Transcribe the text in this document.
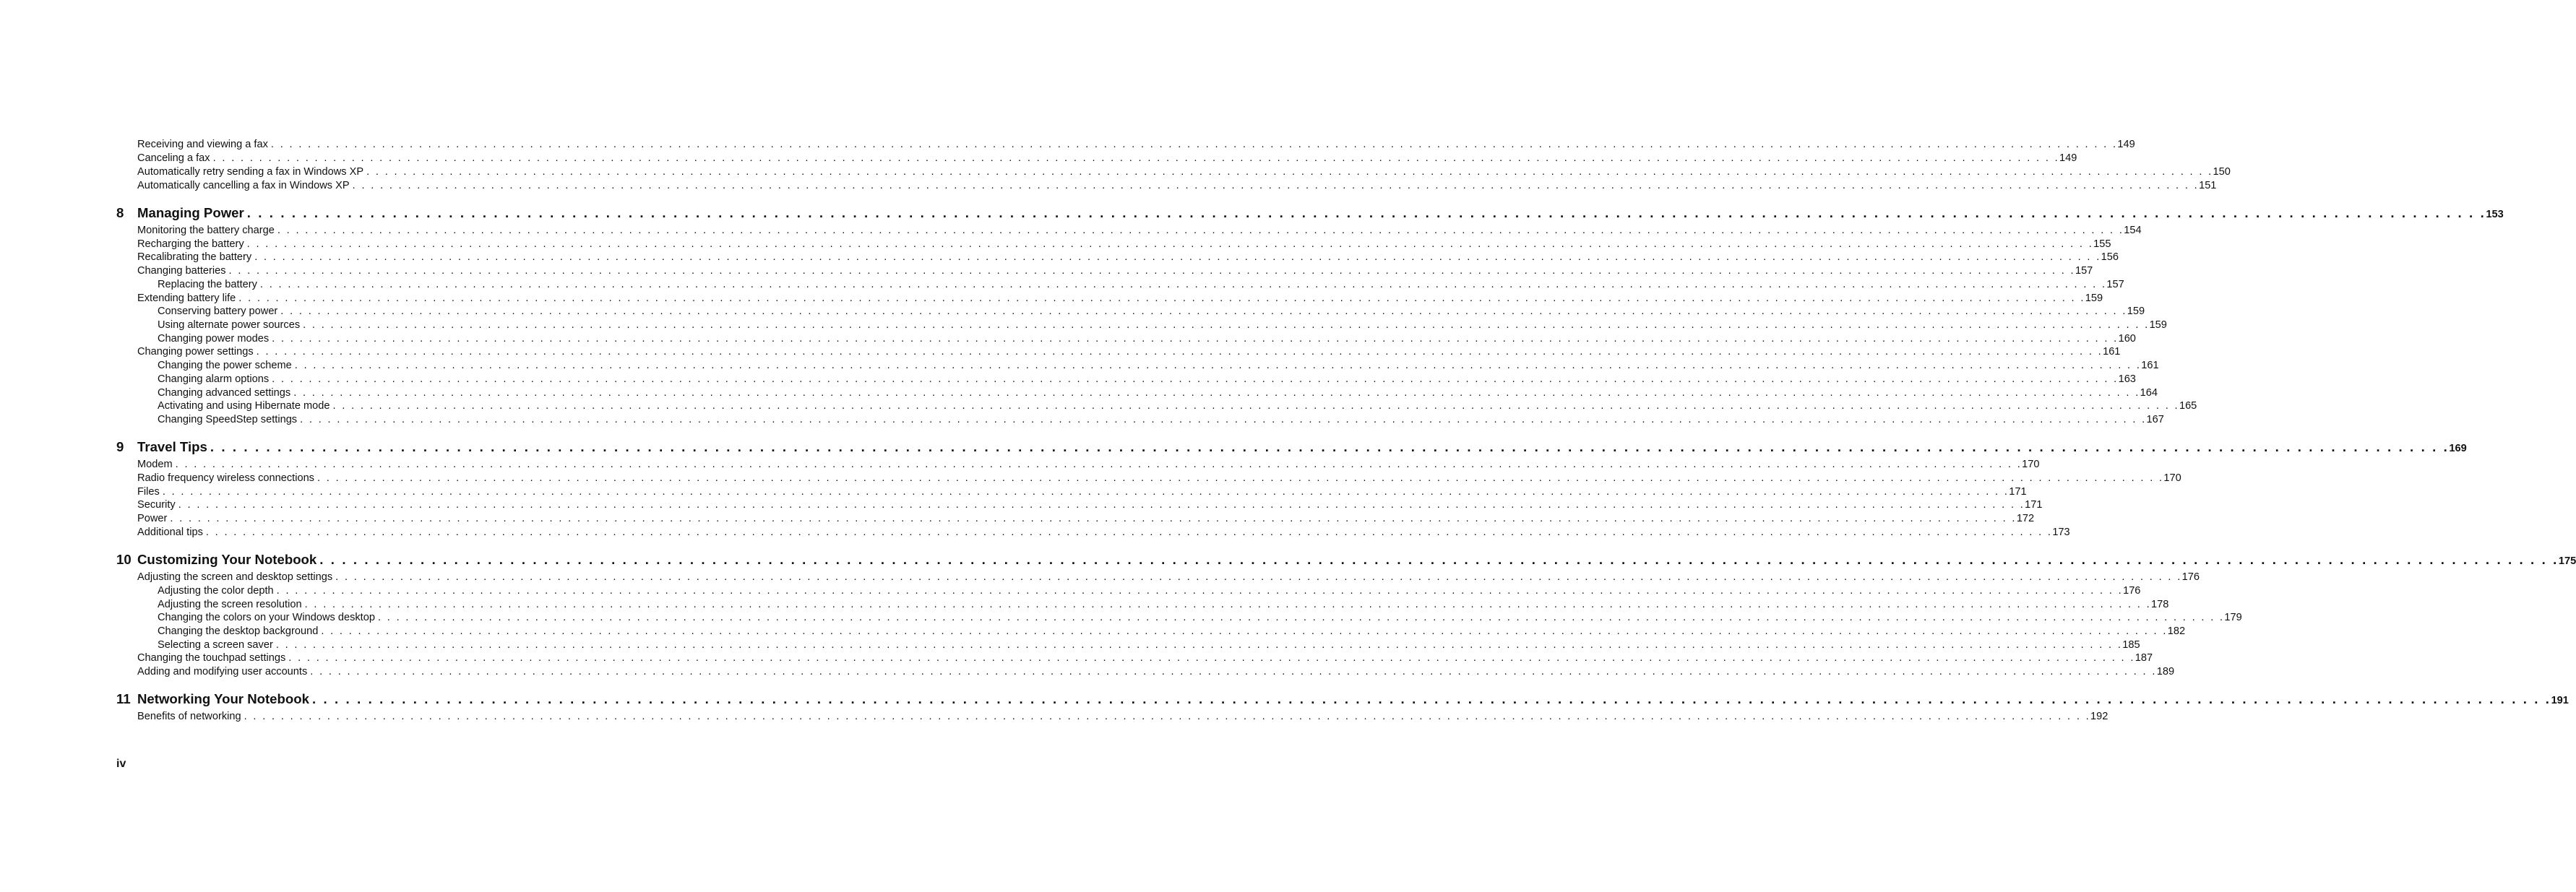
Receiving and viewing a fax . . . . . . . . . . . . . . . . . . . . . . . . . . . . . . . . . . . . . . . . . . . . . . . . . . . . . . . . . . . . . . . . . . . . . . . . . . . . . . . . . . . . . . . . . . . . . . . . . . . . . . . . . . . . . . . . . . . . . . . . . . . . . . . . . . . . . . . . . . . . . . . . . . . . . . . . . . . . . . . . . . . . . . . . . . . . . . . . . . . . . . . . . . . . . . . . . . . . . . . . 149
Canceling a fax . . . . . . . . . . . . . . . . . . . . . . . . . . . . . . . . . . . . . . . . . . . . . . . . . . . . . . . . . . . . . . . . . . . . . . . . . . . . . . . . . . . . . . . . . . . . . . . . . . . . . . . . . . . . . . . . . . . . . . . . . . . . . . . . . . . . . . . . . . . . . . . . . . . . . . . . . . . . . . . . . . . . . . . . . . . . . . . . . . . . . . . . . . . . . . . . . . . . . . . . 149
Automatically retry sending a fax in Windows XP . . . . . . . . . . . . . . . . . . . . . . . . . . . . . . . . . . . . . . . . . . . . . . . . . . . . . . . . . . . . . . . . . . . . . . . . . . . . . . . . . . . . . . . . . . . . . . . . . . . . . . . . . . . . . . . . . . . . . . . . . . . . . . . . . . . . . . . . . . . . . . . . . . . . . . . . . . . . . . . . . . . . . . . . . . . . . . . . . . . . . . . . . . . . . . . . . . . . . . . . 150
Automatically cancelling a fax in Windows XP . . . . . . . . . . . . . . . . . . . . . . . . . . . . . . . . . . . . . . . . . . . . . . . . . . . . . . . . . . . . . . . . . . . . . . . . . . . . . . . . . . . . . . . . . . . . . . . . . . . . . . . . . . . . . . . . . . . . . . . . . . . . . . . . . . . . . . . . . . . . . . . . . . . . . . . . . . . . . . . . . . . . . . . . . . . . . . . . . . . . . . . . . . . . . . . . . . . . . . . . 151
8 Managing Power . . . . . . . . . . . . . . . . . . . . . . . . . . . . . . . . . . . . . . . . . . . . . . . . . . . . . . . . . . . . . . . . . . . . . . . . . . . . . . . . . . . . . . . . . . . . . . . . . . . . . . . . . . . . . . . . . . . . . . . . . . . . . . . . . . . . . . . . . . . . . . . . . . . . . . . . . . . . . . . . . . . . . . . . . . . . . . . . . . . . . . . . . . . . . . . . . . . . . . . . 153
Monitoring the battery charge . . . . . . . . . . . . . . . . . . . . . . . . . . . . . . . . . . . . . . . . . . . . . . . . . . . . . . . . . . . . . . . . . . . . . . . . . . . . . . . . . . . . . . . . . . . . . . . . . . . . . . . . . . . . . . . . . . . . . . . . . . . . . . . . . . . . . . . . . . . . . . . . . . . . . . . . . . . . . . . . . . . . . . . . . . . . . . . . . . . . . . . . . . . . . . . . . . . . . . . . 154
Recharging the battery . . . . . . . . . . . . . . . . . . . . . . . . . . . . . . . . . . . . . . . . . . . . . . . . . . . . . . . . . . . . . . . . . . . . . . . . . . . . . . . . . . . . . . . . . . . . . . . . . . . . . . . . . . . . . . . . . . . . . . . . . . . . . . . . . . . . . . . . . . . . . . . . . . . . . . . . . . . . . . . . . . . . . . . . . . . . . . . . . . . . . . . . . . . . . . . . . . . . . . . . 155
Recalibrating the battery . . . . . . . . . . . . . . . . . . . . . . . . . . . . . . . . . . . . . . . . . . . . . . . . . . . . . . . . . . . . . . . . . . . . . . . . . . . . . . . . . . . . . . . . . . . . . . . . . . . . . . . . . . . . . . . . . . . . . . . . . . . . . . . . . . . . . . . . . . . . . . . . . . . . . . . . . . . . . . . . . . . . . . . . . . . . . . . . . . . . . . . . . . . . . . . . . . . . . . . . 156
Changing batteries . . . . . . . . . . . . . . . . . . . . . . . . . . . . . . . . . . . . . . . . . . . . . . . . . . . . . . . . . . . . . . . . . . . . . . . . . . . . . . . . . . . . . . . . . . . . . . . . . . . . . . . . . . . . . . . . . . . . . . . . . . . . . . . . . . . . . . . . . . . . . . . . . . . . . . . . . . . . . . . . . . . . . . . . . . . . . . . . . . . . . . . . . . . . . . . . . . . . . . . . 157
Replacing the battery . . . . . . . . . . . . . . . . . . . . . . . . . . . . . . . . . . . . . . . . . . . . . . . . . . . . . . . . . . . . . . . . . . . . . . . . . . . . . . . . . . . . . . . . . . . . . . . . . . . . . . . . . . . . . . . . . . . . . . . . . . . . . . . . . . . . . . . . . . . . . . . . . . . . . . . . . . . . . . . . . . . . . . . . . . . . . . . . . . . . . . . . . . . . . . . . . . . . . . . . 157
Extending battery life . . . . . . . . . . . . . . . . . . . . . . . . . . . . . . . . . . . . . . . . . . . . . . . . . . . . . . . . . . . . . . . . . . . . . . . . . . . . . . . . . . . . . . . . . . . . . . . . . . . . . . . . . . . . . . . . . . . . . . . . . . . . . . . . . . . . . . . . . . . . . . . . . . . . . . . . . . . . . . . . . . . . . . . . . . . . . . . . . . . . . . . . . . . . . . . . . . . . . . . . 159
Conserving battery power . . . . . . . . . . . . . . . . . . . . . . . . . . . . . . . . . . . . . . . . . . . . . . . . . . . . . . . . . . . . . . . . . . . . . . . . . . . . . . . . . . . . . . . . . . . . . . . . . . . . . . . . . . . . . . . . . . . . . . . . . . . . . . . . . . . . . . . . . . . . . . . . . . . . . . . . . . . . . . . . . . . . . . . . . . . . . . . . . . . . . . . . . . . . . . . . . . . . . . . . 159
Using alternate power sources . . . . . . . . . . . . . . . . . . . . . . . . . . . . . . . . . . . . . . . . . . . . . . . . . . . . . . . . . . . . . . . . . . . . . . . . . . . . . . . . . . . . . . . . . . . . . . . . . . . . . . . . . . . . . . . . . . . . . . . . . . . . . . . . . . . . . . . . . . . . . . . . . . . . . . . . . . . . . . . . . . . . . . . . . . . . . . . . . . . . . . . . . . . . . . . . . . . . . . . . 159
Changing power modes . . . . . . . . . . . . . . . . . . . . . . . . . . . . . . . . . . . . . . . . . . . . . . . . . . . . . . . . . . . . . . . . . . . . . . . . . . . . . . . . . . . . . . . . . . . . . . . . . . . . . . . . . . . . . . . . . . . . . . . . . . . . . . . . . . . . . . . . . . . . . . . . . . . . . . . . . . . . . . . . . . . . . . . . . . . . . . . . . . . . . . . . . . . . . . . . . . . . . . . . 160
Changing power settings . . . . . . . . . . . . . . . . . . . . . . . . . . . . . . . . . . . . . . . . . . . . . . . . . . . . . . . . . . . . . . . . . . . . . . . . . . . . . . . . . . . . . . . . . . . . . . . . . . . . . . . . . . . . . . . . . . . . . . . . . . . . . . . . . . . . . . . . . . . . . . . . . . . . . . . . . . . . . . . . . . . . . . . . . . . . . . . . . . . . . . . . . . . . . . . . . . . . . . . . 161
Changing the power scheme . . . . . . . . . . . . . . . . . . . . . . . . . . . . . . . . . . . . . . . . . . . . . . . . . . . . . . . . . . . . . . . . . . . . . . . . . . . . . . . . . . . . . . . . . . . . . . . . . . . . . . . . . . . . . . . . . . . . . . . . . . . . . . . . . . . . . . . . . . . . . . . . . . . . . . . . . . . . . . . . . . . . . . . . . . . . . . . . . . . . . . . . . . . . . . . . . . . . . . . . 161
Changing alarm options . . . . . . . . . . . . . . . . . . . . . . . . . . . . . . . . . . . . . . . . . . . . . . . . . . . . . . . . . . . . . . . . . . . . . . . . . . . . . . . . . . . . . . . . . . . . . . . . . . . . . . . . . . . . . . . . . . . . . . . . . . . . . . . . . . . . . . . . . . . . . . . . . . . . . . . . . . . . . . . . . . . . . . . . . . . . . . . . . . . . . . . . . . . . . . . . . . . . . . . . 163
Changing advanced settings . . . . . . . . . . . . . . . . . . . . . . . . . . . . . . . . . . . . . . . . . . . . . . . . . . . . . . . . . . . . . . . . . . . . . . . . . . . . . . . . . . . . . . . . . . . . . . . . . . . . . . . . . . . . . . . . . . . . . . . . . . . . . . . . . . . . . . . . . . . . . . . . . . . . . . . . . . . . . . . . . . . . . . . . . . . . . . . . . . . . . . . . . . . . . . . . . . . . . . . . 164
Activating and using Hibernate mode . . . . . . . . . . . . . . . . . . . . . . . . . . . . . . . . . . . . . . . . . . . . . . . . . . . . . . . . . . . . . . . . . . . . . . . . . . . . . . . . . . . . . . . . . . . . . . . . . . . . . . . . . . . . . . . . . . . . . . . . . . . . . . . . . . . . . . . . . . . . . . . . . . . . . . . . . . . . . . . . . . . . . . . . . . . . . . . . . . . . . . . . . . . . . . . . . . . . . . . . 165
Changing SpeedStep settings . . . . . . . . . . . . . . . . . . . . . . . . . . . . . . . . . . . . . . . . . . . . . . . . . . . . . . . . . . . . . . . . . . . . . . . . . . . . . . . . . . . . . . . . . . . . . . . . . . . . . . . . . . . . . . . . . . . . . . . . . . . . . . . . . . . . . . . . . . . . . . . . . . . . . . . . . . . . . . . . . . . . . . . . . . . . . . . . . . . . . . . . . . . . . . . . . . . . . . . . 167
9 Travel Tips . . . . . . . . . . . . . . . . . . . . . . . . . . . . . . . . . . . . . . . . . . . . . . . . . . . . . . . . . . . . . . . . . . . . . . . . . . . . . . . . . . . . . . . . . . . . . . . . . . . . . . . . . . . . . . . . . . . . . . . . . . . . . . . . . . . . . . . . . . . . . . . . . . . . . . . . . . . . . . . . . . . . . . . . . . . . . . . . . . . . . . . . . . . . . . . . . . . . . . . . 169
Modem . . . . . . . . . . . . . . . . . . . . . . . . . . . . . . . . . . . . . . . . . . . . . . . . . . . . . . . . . . . . . . . . . . . . . . . . . . . . . . . . . . . . . . . . . . . . . . . . . . . . . . . . . . . . . . . . . . . . . . . . . . . . . . . . . . . . . . . . . . . . . . . . . . . . . . . . . . . . . . . . . . . . . . . . . . . . . . . . . . . . . . . . . . . . . . . . . . . . . . . . 170
Radio frequency wireless connections . . . . . . . . . . . . . . . . . . . . . . . . . . . . . . . . . . . . . . . . . . . . . . . . . . . . . . . . . . . . . . . . . . . . . . . . . . . . . . . . . . . . . . . . . . . . . . . . . . . . . . . . . . . . . . . . . . . . . . . . . . . . . . . . . . . . . . . . . . . . . . . . . . . . . . . . . . . . . . . . . . . . . . . . . . . . . . . . . . . . . . . . . . . . . . . . . . . . . . . . 170
Files . . . . . . . . . . . . . . . . . . . . . . . . . . . . . . . . . . . . . . . . . . . . . . . . . . . . . . . . . . . . . . . . . . . . . . . . . . . . . . . . . . . . . . . . . . . . . . . . . . . . . . . . . . . . . . . . . . . . . . . . . . . . . . . . . . . . . . . . . . . . . . . . . . . . . . . . . . . . . . . . . . . . . . . . . . . . . . . . . . . . . . . . . . . . . . . . . . . . . . . . 171
Security . . . . . . . . . . . . . . . . . . . . . . . . . . . . . . . . . . . . . . . . . . . . . . . . . . . . . . . . . . . . . . . . . . . . . . . . . . . . . . . . . . . . . . . . . . . . . . . . . . . . . . . . . . . . . . . . . . . . . . . . . . . . . . . . . . . . . . . . . . . . . . . . . . . . . . . . . . . . . . . . . . . . . . . . . . . . . . . . . . . . . . . . . . . . . . . . . . . . . . . . 171
Power . . . . . . . . . . . . . . . . . . . . . . . . . . . . . . . . . . . . . . . . . . . . . . . . . . . . . . . . . . . . . . . . . . . . . . . . . . . . . . . . . . . . . . . . . . . . . . . . . . . . . . . . . . . . . . . . . . . . . . . . . . . . . . . . . . . . . . . . . . . . . . . . . . . . . . . . . . . . . . . . . . . . . . . . . . . . . . . . . . . . . . . . . . . . . . . . . . . . . . . . 172
Additional tips . . . . . . . . . . . . . . . . . . . . . . . . . . . . . . . . . . . . . . . . . . . . . . . . . . . . . . . . . . . . . . . . . . . . . . . . . . . . . . . . . . . . . . . . . . . . . . . . . . . . . . . . . . . . . . . . . . . . . . . . . . . . . . . . . . . . . . . . . . . . . . . . . . . . . . . . . . . . . . . . . . . . . . . . . . . . . . . . . . . . . . . . . . . . . . . . . . . . . . . . 173
10 Customizing Your Notebook . . . . . . . . . . . . . . . . . . . . . . . . . . . . . . . . . . . . . . . . . . . . . . . . . . . . . . . . . . . . . . . . . . . . . . . . . . . . . . . . . . . . . . . . . . . . . . . . . . . . . . . . . . . . . . . . . . . . . . . . . . . . . . . . . . . . . . . . . . . . . . . . . . . . . . . . . . . . . . . . . . . . . . . . . . . . . . . . . . . . . . . . . . . . . . . . . . . . . . . . 175
Adjusting the screen and desktop settings . . . . . . . . . . . . . . . . . . . . . . . . . . . . . . . . . . . . . . . . . . . . . . . . . . . . . . . . . . . . . . . . . . . . . . . . . . . . . . . . . . . . . . . . . . . . . . . . . . . . . . . . . . . . . . . . . . . . . . . . . . . . . . . . . . . . . . . . . . . . . . . . . . . . . . . . . . . . . . . . . . . . . . . . . . . . . . . . . . . . . . . . . . . . . . . . . . . . . . . . 176
Adjusting the color depth . . . . . . . . . . . . . . . . . . . . . . . . . . . . . . . . . . . . . . . . . . . . . . . . . . . . . . . . . . . . . . . . . . . . . . . . . . . . . . . . . . . . . . . . . . . . . . . . . . . . . . . . . . . . . . . . . . . . . . . . . . . . . . . . . . . . . . . . . . . . . . . . . . . . . . . . . . . . . . . . . . . . . . . . . . . . . . . . . . . . . . . . . . . . . . . . . . . . . . . . 176
Adjusting the screen resolution . . . . . . . . . . . . . . . . . . . . . . . . . . . . . . . . . . . . . . . . . . . . . . . . . . . . . . . . . . . . . . . . . . . . . . . . . . . . . . . . . . . . . . . . . . . . . . . . . . . . . . . . . . . . . . . . . . . . . . . . . . . . . . . . . . . . . . . . . . . . . . . . . . . . . . . . . . . . . . . . . . . . . . . . . . . . . . . . . . . . . . . . . . . . . . . . . . . . . . . . 178
Changing the colors on your Windows desktop . . . . . . . . . . . . . . . . . . . . . . . . . . . . . . . . . . . . . . . . . . . . . . . . . . . . . . . . . . . . . . . . . . . . . . . . . . . . . . . . . . . . . . . . . . . . . . . . . . . . . . . . . . . . . . . . . . . . . . . . . . . . . . . . . . . . . . . . . . . . . . . . . . . . . . . . . . . . . . . . . . . . . . . . . . . . . . . . . . . . . . . . . . . . . . . . . . . . . . . . 179
Changing the desktop background . . . . . . . . . . . . . . . . . . . . . . . . . . . . . . . . . . . . . . . . . . . . . . . . . . . . . . . . . . . . . . . . . . . . . . . . . . . . . . . . . . . . . . . . . . . . . . . . . . . . . . . . . . . . . . . . . . . . . . . . . . . . . . . . . . . . . . . . . . . . . . . . . . . . . . . . . . . . . . . . . . . . . . . . . . . . . . . . . . . . . . . . . . . . . . . . . . . . . . . . 182
Selecting a screen saver . . . . . . . . . . . . . . . . . . . . . . . . . . . . . . . . . . . . . . . . . . . . . . . . . . . . . . . . . . . . . . . . . . . . . . . . . . . . . . . . . . . . . . . . . . . . . . . . . . . . . . . . . . . . . . . . . . . . . . . . . . . . . . . . . . . . . . . . . . . . . . . . . . . . . . . . . . . . . . . . . . . . . . . . . . . . . . . . . . . . . . . . . . . . . . . . . . . . . . . . 185
Changing the touchpad settings . . . . . . . . . . . . . . . . . . . . . . . . . . . . . . . . . . . . . . . . . . . . . . . . . . . . . . . . . . . . . . . . . . . . . . . . . . . . . . . . . . . . . . . . . . . . . . . . . . . . . . . . . . . . . . . . . . . . . . . . . . . . . . . . . . . . . . . . . . . . . . . . . . . . . . . . . . . . . . . . . . . . . . . . . . . . . . . . . . . . . . . . . . . . . . . . . . . . . . . . 187
Adding and modifying user accounts . . . . . . . . . . . . . . . . . . . . . . . . . . . . . . . . . . . . . . . . . . . . . . . . . . . . . . . . . . . . . . . . . . . . . . . . . . . . . . . . . . . . . . . . . . . . . . . . . . . . . . . . . . . . . . . . . . . . . . . . . . . . . . . . . . . . . . . . . . . . . . . . . . . . . . . . . . . . . . . . . . . . . . . . . . . . . . . . . . . . . . . . . . . . . . . . . . . . . . . . 189
11 Networking Your Notebook . . . . . . . . . . . . . . . . . . . . . . . . . . . . . . . . . . . . . . . . . . . . . . . . . . . . . . . . . . . . . . . . . . . . . . . . . . . . . . . . . . . . . . . . . . . . . . . . . . . . . . . . . . . . . . . . . . . . . . . . . . . . . . . . . . . . . . . . . . . . . . . . . . . . . . . . . . . . . . . . . . . . . . . . . . . . . . . . . . . . . . . . . . . . . . . . . . . . . . . . 191
Benefits of networking . . . . . . . . . . . . . . . . . . . . . . . . . . . . . . . . . . . . . . . . . . . . . . . . . . . . . . . . . . . . . . . . . . . . . . . . . . . . . . . . . . . . . . . . . . . . . . . . . . . . . . . . . . . . . . . . . . . . . . . . . . . . . . . . . . . . . . . . . . . . . . . . . . . . . . . . . . . . . . . . . . . . . . . . . . . . . . . . . . . . . . . . . . . . . . . . . . . . . . . . 192
iv
